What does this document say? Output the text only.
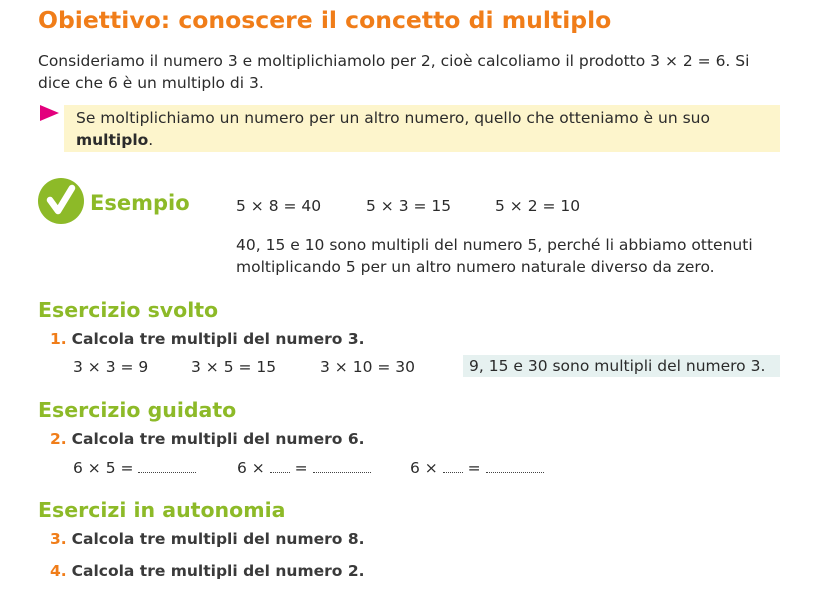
Obiettivo: conoscere il concetto di multiplo
Consideriamo il numero 3 e moltiplichiamolo per 2, cioè calcoliamo il prodotto 3 × 2 = 6. Si dice che 6 è un multiplo di 3.
Se moltiplichiamo un numero per un altro numero, quello che otteniamo è un suo multiplo.
Esempio	5 × 8 = 40	5 × 3 = 15	5 × 2 = 10
40, 15 e 10 sono multipli del numero 5, perché li abbiamo ottenuti
moltiplicando 5 per un altro numero naturale diverso da zero.
Esercizio svolto
1. Calcola tre multipli del numero 3.
3 × 3 = 9	3 × 5 = 15	3 × 10 = 30	9, 15 e 30 sono multipli del numero 3.
Esercizio guidato
2. Calcola tre multipli del numero 6.
6 × 5 =	6 × =	6 × =
Esercizi in autonomia
3. Calcola tre multipli del numero 8.
4. Calcola tre multipli del numero 2.
